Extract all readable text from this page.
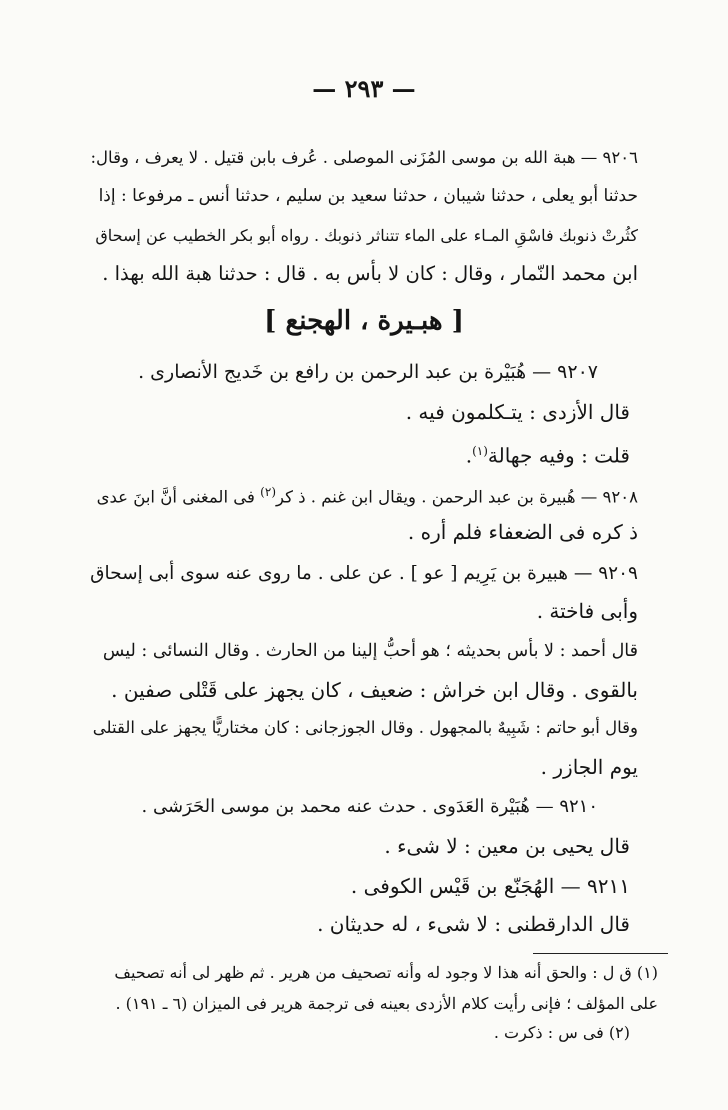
— ٢٩٣ —
٩٢٠٦ — هبة الله بن موسى المُزَنى الموصلى . عُرف بابن قتيل . لا يعرف ، وقال:
حدثنا أبو يعلى ، حدثنا شيبان ، حدثنا سعيد بن سليم ، حدثنا أنس ـ مرفوعا : إذا
كثُرتْ ذنوبك فاسْقِ المـاء على الماء تتناثر ذنوبك . رواه أبو بكر الخطيب عن إسحاق
ابن محمد النّمار ، وقال : كان لا بأس به . قال : حدثنا هبة الله بهذا .
[ هبـيرة ، الهجنع ]
٩٢٠٧ — هُبَيْرة بن عبد الرحمن بن رافع بن خَديج الأنصارى .
قال الأزدى : يتـكلمون فيه .
قلت : وفيه جهالة$^{(١)}$.
٩٢٠٨ — هُبيرة بن عبد الرحمن . ويقال ابن غنم . ذ كر$^{(٢)}$ فى المغنى أنَّ ابنَ عدى
ذ كره فى الضعفاء فلم أره .
٩٢٠٩ — هبيرة بن يَرِيم [ عو ] . عن على . ما روى عنه سوى أبى إسحاق
وأبى فاختة .
قال أحمد : لا بأس بحديثه ؛ هو أحبُّ إلينا من الحارث . وقال النسائى : ليس
بالقوى . وقال ابن خراش : ضعيف ، كان يجهز على قَتْلى صفين .
وقال أبو حاتم : شَبِيهٌ بالمجهول . وقال الجوزجانى : كان مختاريًّا يجهز على القتلى
يوم الجازر .
٩٢١٠ — هُبَيْرة العَدَوى . حدث عنه محمد بن موسى الحَرَشى .
قال يحيى بن معين : لا شىء .
٩٢١١ — الهُجَنّع بن قَيْس الكوفى .
قال الدارقطنى : لا شىء ، له حديثان .
(١) ق ل : والحق أنه هذا لا وجود له وأنه تصحيف من هرير . ثم ظهر لى أنه تصحيف
على المؤلف ؛ فإنى رأيت كلام الأزدى بعينه فى ترجمة هرير فى الميزان (٦ ـ ١٩١) .
(٢) فى س : ذكرت .
